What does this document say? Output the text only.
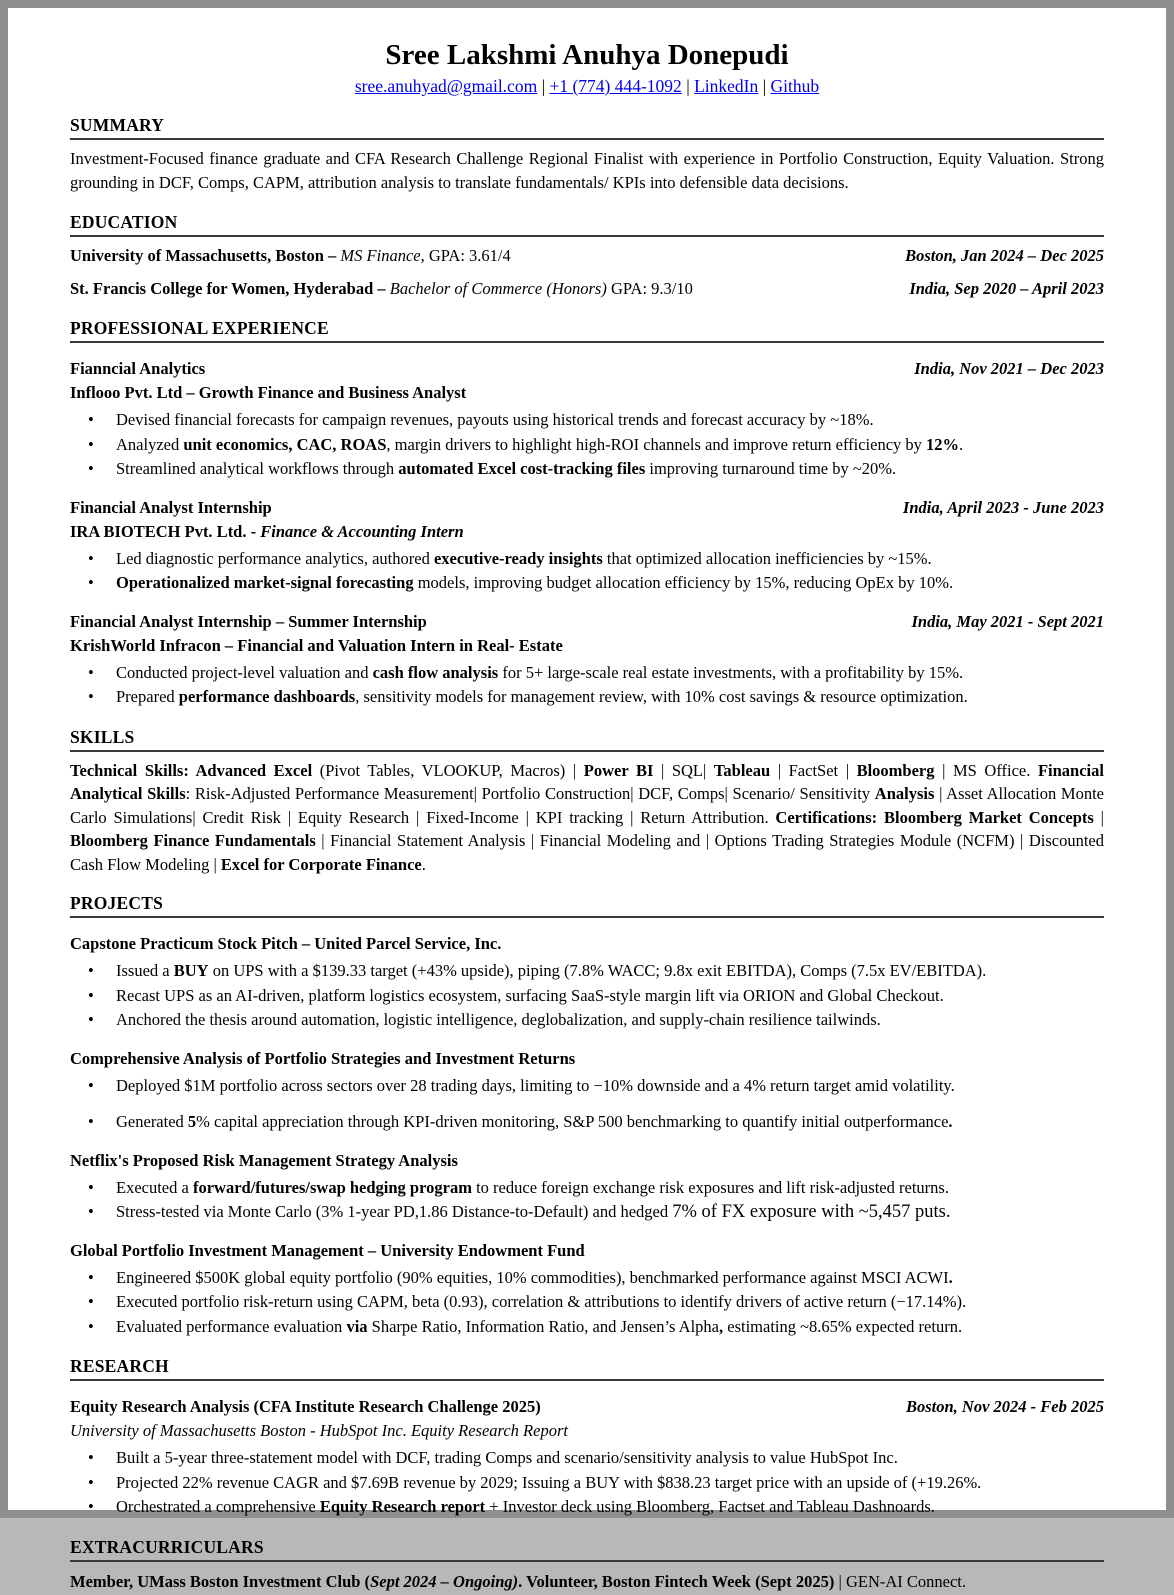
Sree Lakshmi Anuhya Donepudi
sree.anuhyad@gmail.com | +1 (774) 444-1092 | LinkedIn | Github
SUMMARY
Investment-Focused finance graduate and CFA Research Challenge Regional Finalist with experience in Portfolio Construction, Equity Valuation. Strong grounding in DCF, Comps, CAPM, attribution analysis to translate fundamentals/ KPIs into defensible data decisions.
EDUCATION
University of Massachusetts, Boston – MS Finance, GPA: 3.61/4	Boston, Jan 2024 – Dec 2025
St. Francis College for Women, Hyderabad – Bachelor of Commerce (Honors) GPA: 9.3/10	India, Sep 2020 – April 2023
PROFESSIONAL EXPERIENCE
Fianncial Analytics	India, Nov 2021 – Dec 2023
Inflooo Pvt. Ltd – Growth Finance and Business Analyst
• Devised financial forecasts for campaign revenues, payouts using historical trends and forecast accuracy by ~18%.
• Analyzed unit economics, CAC, ROAS, margin drivers to highlight high-ROI channels and improve return efficiency by 12%.
• Streamlined analytical workflows through automated Excel cost-tracking files improving turnaround time by ~20%.
Financial Analyst Internship	India, April 2023 - June 2023
IRA BIOTECH Pvt. Ltd. - Finance & Accounting Intern
• Led diagnostic performance analytics, authored executive-ready insights that optimized allocation inefficiencies by ~15%.
• Operationalized market-signal forecasting models, improving budget allocation efficiency by 15%, reducing OpEx by 10%.
Financial Analyst Internship – Summer Internship	India, May 2021 - Sept 2021
KrishWorld Infracon – Financial and Valuation Intern in Real- Estate
• Conducted project-level valuation and cash flow analysis for 5+ large-scale real estate investments, with a profitability by 15%.
• Prepared performance dashboards, sensitivity models for management review, with 10% cost savings & resource optimization.
SKILLS
Technical Skills: Advanced Excel (Pivot Tables, VLOOKUP, Macros) | Power BI | SQL| Tableau | FactSet | Bloomberg | MS Office. Financial Analytical Skills: Risk-Adjusted Performance Measurement| Portfolio Construction| DCF, Comps| Scenario/ Sensitivity Analysis | Asset Allocation Monte Carlo Simulations| Credit Risk | Equity Research | Fixed-Income | KPI tracking | Return Attribution. Certifications: Bloomberg Market Concepts | Bloomberg Finance Fundamentals | Financial Statement Analysis | Financial Modeling and | Options Trading Strategies Module (NCFM) | Discounted Cash Flow Modeling | Excel for Corporate Finance.
PROJECTS
Capstone Practicum Stock Pitch – United Parcel Service, Inc.
• Issued a BUY on UPS with a $139.33 target (+43% upside), piping (7.8% WACC; 9.8x exit EBITDA), Comps (7.5x EV/EBITDA).
• Recast UPS as an AI-driven, platform logistics ecosystem, surfacing SaaS-style margin lift via ORION and Global Checkout.
• Anchored the thesis around automation, logistic intelligence, deglobalization, and supply-chain resilience tailwinds.
Comprehensive Analysis of Portfolio Strategies and Investment Returns
• Deployed $1M portfolio across sectors over 28 trading days, limiting to −10% downside and a 4% return target amid volatility.
• Generated 5% capital appreciation through KPI-driven monitoring, S&P 500 benchmarking to quantify initial outperformance.
Netflix's Proposed Risk Management Strategy Analysis
• Executed a forward/futures/swap hedging program to reduce foreign exchange risk exposures and lift risk-adjusted returns.
• Stress-tested via Monte Carlo (3% 1-year PD,1.86 Distance-to-Default) and hedged 7% of FX exposure with ~5,457 puts.
Global Portfolio Investment Management – University Endowment Fund
• Engineered $500K global equity portfolio (90% equities, 10% commodities), benchmarked performance against MSCI ACWI.
• Executed portfolio risk-return using CAPM, beta (0.93), correlation & attributions to identify drivers of active return (−17.14%).
• Evaluated performance evaluation via Sharpe Ratio, Information Ratio, and Jensen’s Alpha, estimating ~8.65% expected return.
RESEARCH
Equity Research Analysis (CFA Institute Research Challenge 2025)	Boston, Nov 2024 - Feb 2025
University of Massachusetts Boston - HubSpot Inc. Equity Research Report
• Built a 5-year three-statement model with DCF, trading Comps and scenario/sensitivity analysis to value HubSpot Inc.
• Projected 22% revenue CAGR and $7.69B revenue by 2029; Issuing a BUY with $838.23 target price with an upside of (+19.26%.
• Orchestrated a comprehensive Equity Research report + Investor deck using Bloomberg, Factset and Tableau Dashnoards.
EXTRACURRICULARS
Member, UMass Boston Investment Club (Sept 2024 – Ongoing). Volunteer, Boston Fintech Week (Sept 2025) | GEN-AI Connect.
